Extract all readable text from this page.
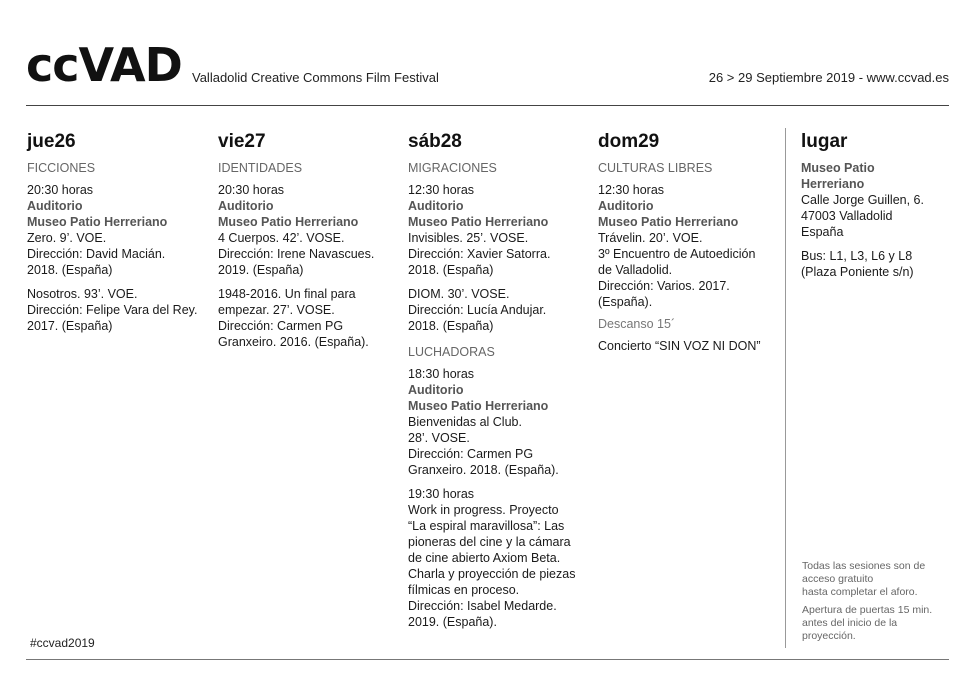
ccVAD Valladolid Creative Commons Film Festival	26 > 29 Septiembre 2019 - www.ccvad.es
jue26
FICCIONES
20:30 horas
Auditorio
Museo Patio Herreriano
Zero. 9’. VOE.
Dirección: David Macián.
2018. (España)
Nosotros. 93’. VOE.
Dirección: Felipe Vara del Rey.
2017. (España)
vie27
IDENTIDADES
20:30 horas
Auditorio
Museo Patio Herreriano
4 Cuerpos. 42’. VOSE.
Dirección: Irene Navascues.
2019. (España)
1948-2016. Un final para
empezar. 27’. VOSE.
Dirección: Carmen PG
Granxeiro. 2016. (España).
sáb28
MIGRACIONES
12:30 horas
Auditorio
Museo Patio Herreriano
Invisibles. 25’. VOSE.
Dirección: Xavier Satorra.
2018. (España)
DIOM. 30’. VOSE.
Dirección: Lucía Andujar.
2018. (España)
LUCHADORAS
18:30 horas
Auditorio
Museo Patio Herreriano
Bienvenidas al Club.
28’. VOSE.
Dirección: Carmen PG
Granxeiro. 2018. (España).
19:30 horas
Work in progress. Proyecto
“La espiral maravillosa”: Las
pioneras del cine y la cámara
de cine abierto Axiom Beta.
Charla y proyección de piezas
fílmicas en proceso.
Dirección: Isabel Medarde.
2019. (España).
dom29
CULTURAS LIBRES
12:30 horas
Auditorio
Museo Patio Herreriano
Trávelin. 20’. VOE.
3º Encuentro de Autoedición
de Valladolid.
Dirección: Varios. 2017.
(España).
Descanso 15´
Concierto “SIN VOZ NI DON”
lugar
Museo Patio
Herreriano
Calle Jorge Guillen, 6.
47003 Valladolid
España
Bus: L1, L3, L6 y L8
(Plaza Poniente s/n)
Todas las sesiones son de
acceso gratuito
hasta completar el aforo.
Apertura de puertas 15 min.
antes del inicio de la
proyección.
#ccvad2019
